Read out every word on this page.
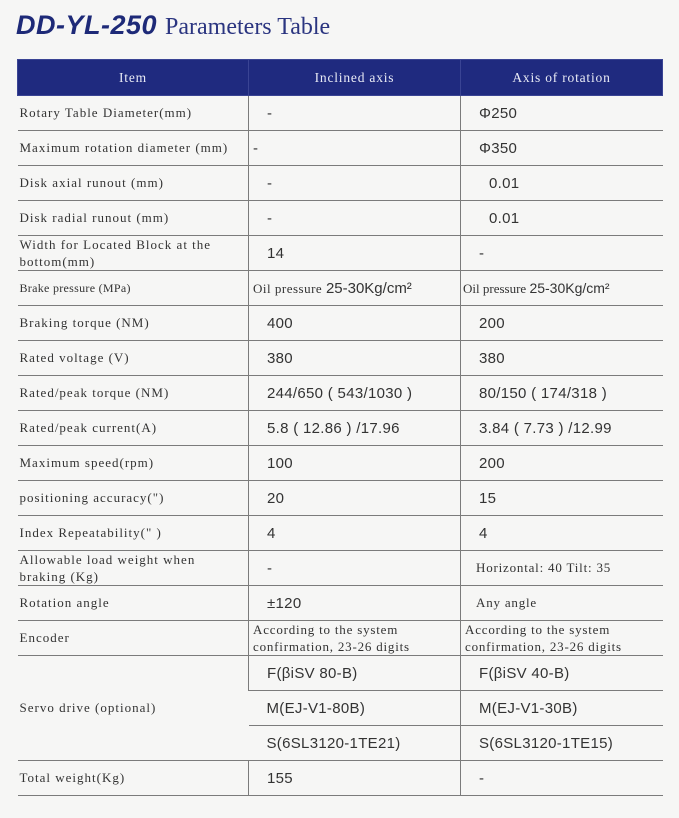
DD-YL-250 Parameters Table
Item	Inclined axis	Axis of rotation
Rotary Table Diameter(mm)	-	Φ250
Maximum rotation diameter (mm)	-	Φ350
Disk axial runout (mm)	-	0.01
Disk radial runout (mm)	-	0.01
Width for Located Block at the bottom(mm)	14	-
Brake pressure (MPa)	Oil pressure 25-30Kg/cm²	Oil pressure 25-30Kg/cm²
Braking torque (NM)	400	200
Rated voltage (V)	380	380
Rated/peak torque (NM)	244/650 ( 543/1030 )	80/150 ( 174/318 )
Rated/peak current(A)	5.8 ( 12.86 ) /17.96	3.84 ( 7.73 ) /12.99
Maximum speed(rpm)	100	200
positioning accuracy(")	20	15
Index Repeatability(" )	4	4
Allowable load weight when braking (Kg)	-	Horizontal: 40 Tilt: 35
Rotation angle	±120	Any angle
Encoder	According to the system confirmation, 23-26 digits	According to the system confirmation, 23-26 digits
Servo drive (optional)	F(βiSV 80-B)	F(βiSV 40-B)
	M(EJ-V1-80B)	M(EJ-V1-30B)
	S(6SL3120-1TE21)	S(6SL3120-1TE15)
Total weight(Kg)	155	-
